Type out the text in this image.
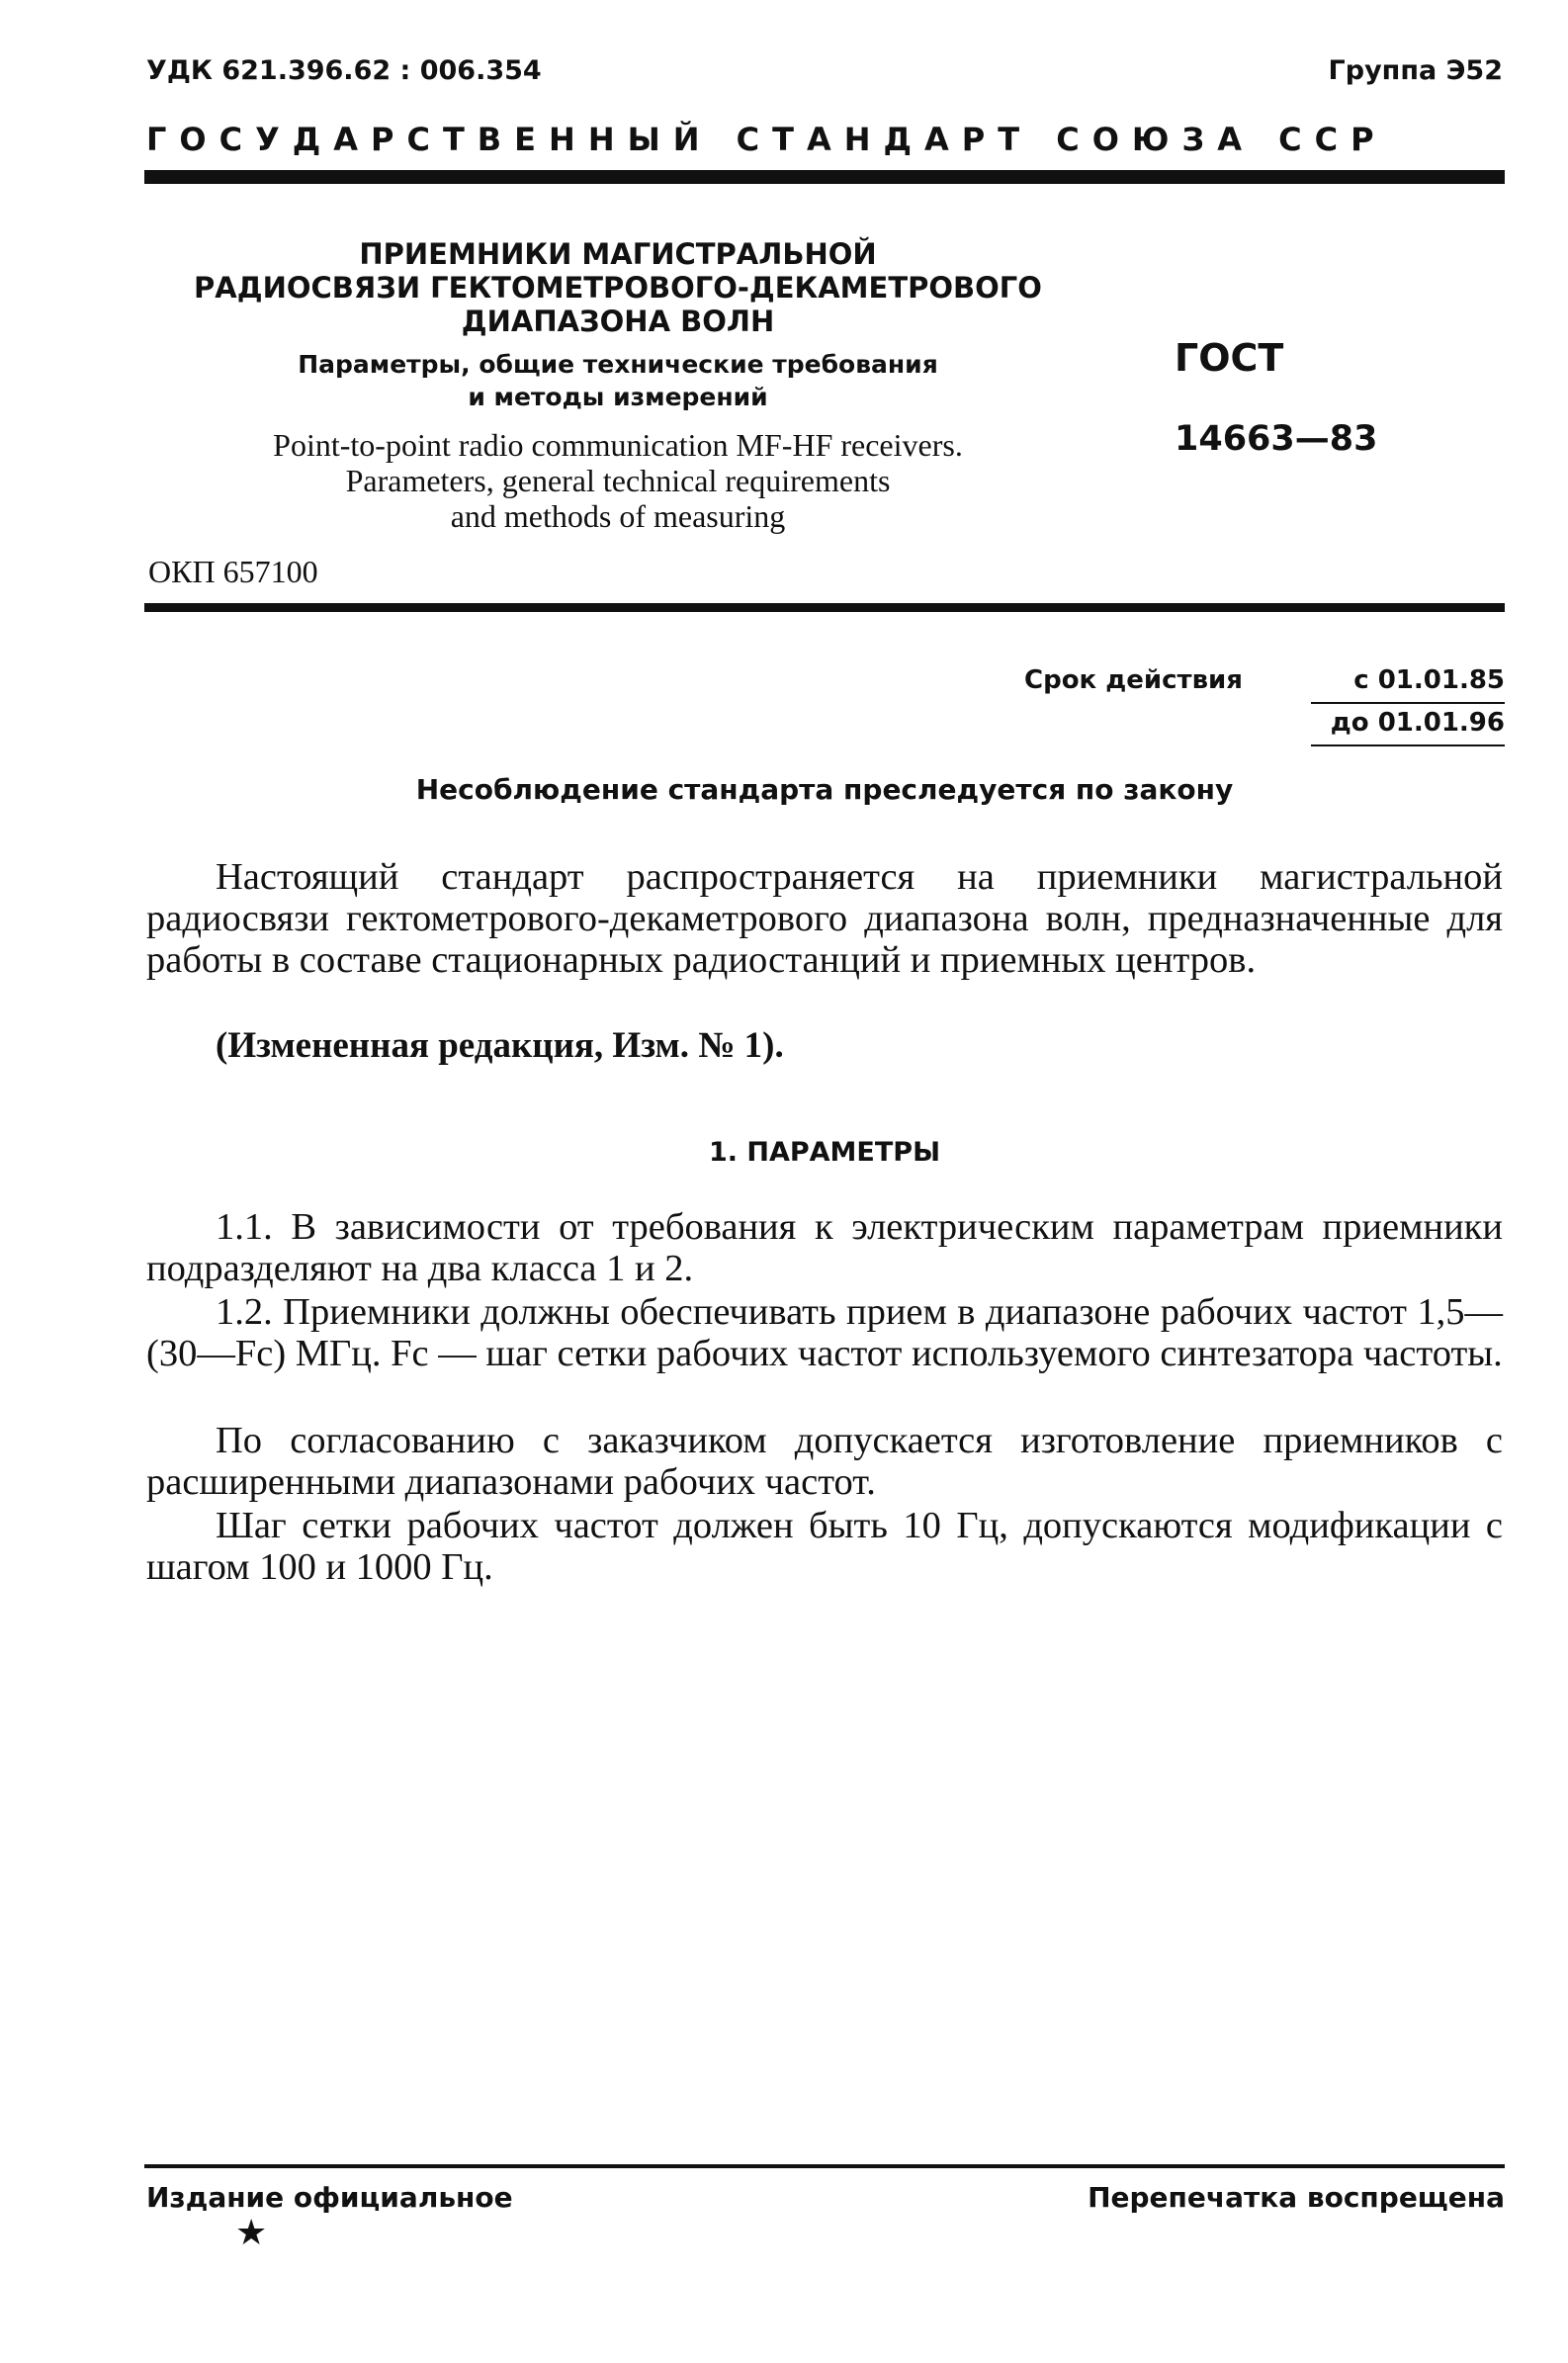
УДК 621.396.62 : 006.354	Группа Э52
ГОСУДАРСТВЕННЫЙ СТАНДАРТ СОЮЗА ССР

ПРИЕМНИКИ МАГИСТРАЛЬНОЙ
РАДИОСВЯЗИ ГЕКТОМЕТРОВОГО-ДЕКАМЕТРОВОГО
ДИАПАЗОНА ВОЛН

Параметры, общие технические требования
и методы измерений

Point-to-point radio communication MF-HF receivers.
Parameters, general technical requirements
and methods of measuring

ОКП 657100
ГОСТ
14663—83
Срок действия	с 01.01.85
до 01.01.96
Несоблюдение стандарта преследуется по закону

Настоящий стандарт распространяется на приемники магистральной радиосвязи гектометрового-декаметрового диапазона волн, предназначенные для работы в составе стационарных радиостанций и приемных центров.

(Измененная редакция, Изм. № 1).
1. ПАРАМЕТРЫ

1.1. В зависимости от требования к электрическим параметрам приемники подразделяют на два класса 1 и 2.

1.2. Приемники должны обеспечивать прием в диапазоне рабочих частот 1,5—(30—Fс) МГц. Fс — шаг сетки рабочих частот используемого синтезатора частоты.

По согласованию с заказчиком допускается изготовление приемников с расширенными диапазонами рабочих частот.

Шаг сетки рабочих частот должен быть 10 Гц, допускаются модификации с шагом 100 и 1000 Гц.

Издание официальное
★
Перепечатка воспрещена
